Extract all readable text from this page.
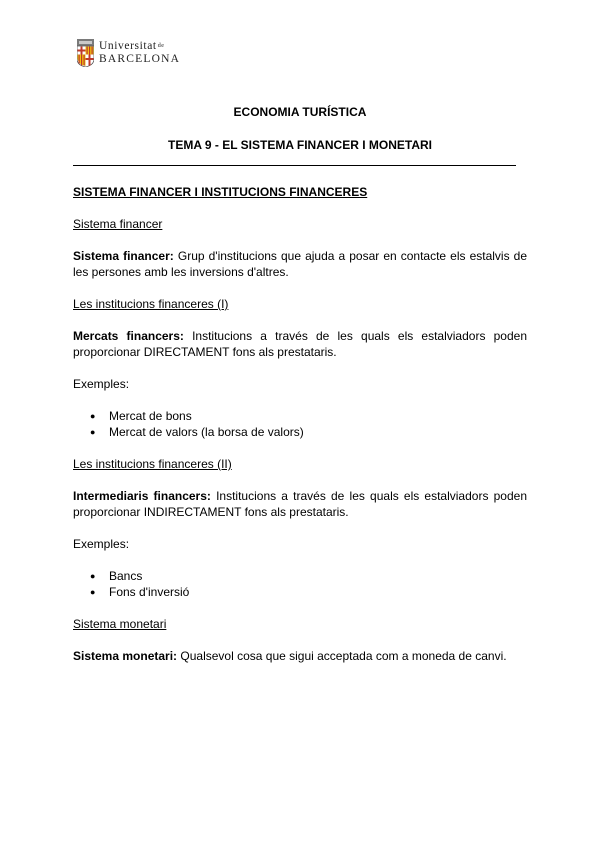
Universitat$^{de}$
BARCELONA
ECONOMIA TURÍSTICA
TEMA 9 - EL SISTEMA FINANCER I MONETARI
SISTEMA FINANCER I INSTITUCIONS FINANCERES
Sistema financer
Sistema financer: Grup d'institucions que ajuda a posar en contacte els estalvis de les persones amb les inversions d'altres.
Les institucions financeres (I)
Mercats financers: Institucions a través de les quals els estalviadors poden proporcionar DIRECTAMENT fons als prestataris.
Exemples:
● Mercat de bons
● Mercat de valors (la borsa de valors)
Les institucions financeres (II)
Intermediaris financers: Institucions a través de les quals els estalviadors poden proporcionar INDIRECTAMENT fons als prestataris.
Exemples:
● Bancs
● Fons d'inversió
Sistema monetari
Sistema monetari: Qualsevol cosa que sigui acceptada com a moneda de canvi.
